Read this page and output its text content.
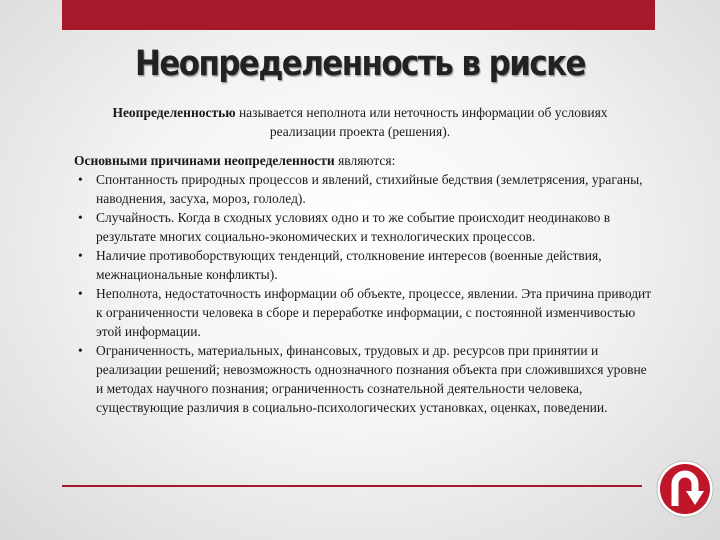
Неопределенность в риске
Неопределенностью называется неполнота или неточность информации об условиях реализации проекта (решения).
Основными причинами неопределенности являются:
• Спонтанность природных процессов и явлений, стихийные бедствия (землетрясения, ураганы, наводнения, засуха, мороз, гололед).
• Случайность. Когда в сходных условиях одно и то же событие происходит неодинаково в результате многих социально-экономических и технологических процессов.
• Наличие противоборствующих тенденций, столкновение интересов (военные действия, межнациональные конфликты).
• Неполнота, недостаточность информации об объекте, процессе, явлении. Эта причина приводит к ограниченности человека в сборе и переработке информации, с постоянной изменчивостью этой информации.
• Ограниченность, материальных, финансовых, трудовых и др. ресурсов при принятии и реализации решений; невозможность однозначного познания объекта при сложившихся уровне и методах научного познания; ограниченность сознательной деятельности человека, существующие различия в социально-психологических установках, оценках, поведении.
